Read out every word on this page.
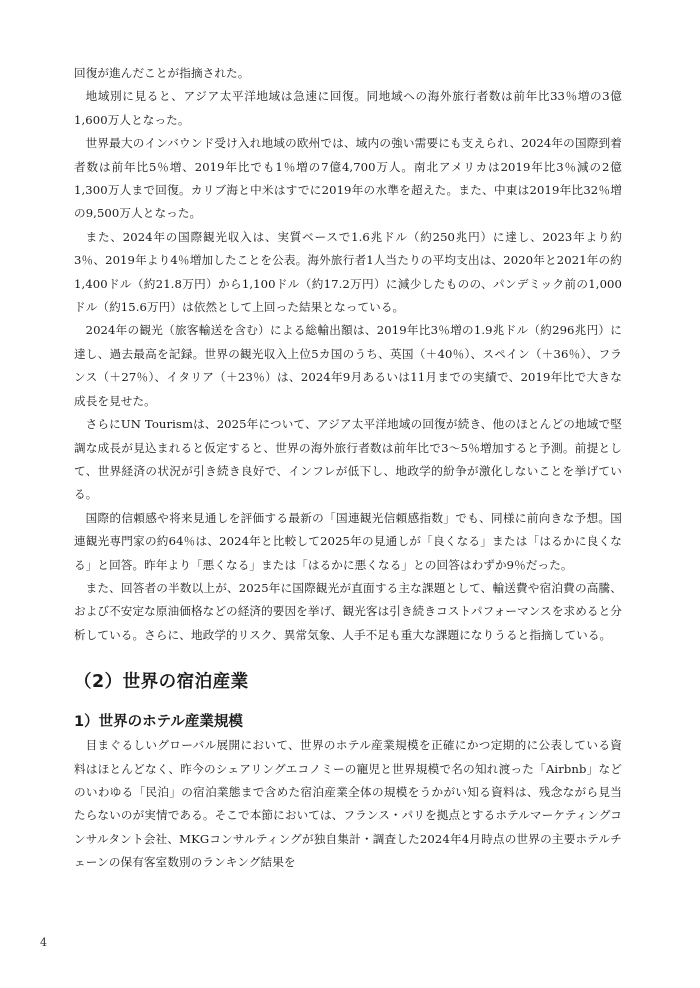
回復が進んだことが指摘された。

地域別に見ると、アジア太平洋地域は急速に回復。同地域への海外旅行者数は前年比33％増の3億1,600万人となった。

世界最大のインバウンド受け入れ地域の欧州では、域内の強い需要にも支えられ、2024年の国際到着者数は前年比5％増、2019年比でも1％増の7億4,700万人。南北アメリカは2019年比3％減の2億1,300万人まで回復。カリブ海と中米はすでに2019年の水準を超えた。また、中東は2019年比32％増の9,500万人となった。

また、2024年の国際観光収入は、実質ベースで1.6兆ドル（約250兆円）に達し、2023年より約3％、2019年より4％増加したことを公表。海外旅行者1人当たりの平均支出は、2020年と2021年の約1,400ドル（約21.8万円）から1,100ドル（約17.2万円）に減少したものの、パンデミック前の1,000ドル（約15.6万円）は依然として上回った結果となっている。

2024年の観光（旅客輸送を含む）による総輸出額は、2019年比3％増の1.9兆ドル（約296兆円）に達し、過去最高を記録。世界の観光収入上位5カ国のうち、英国（＋40％）、スペイン（＋36％）、フランス（＋27％）、イタリア（＋23％）は、2024年9月あるいは11月までの実績で、2019年比で大きな成長を見せた。

さらにUN Tourismは、2025年について、アジア太平洋地域の回復が続き、他のほとんどの地域で堅調な成長が見込まれると仮定すると、世界の海外旅行者数は前年比で3～5％増加すると予測。前提として、世界経済の状況が引き続き良好で、インフレが低下し、地政学的紛争が激化しないことを挙げている。

国際的信頼感や将来見通しを評価する最新の「国連観光信頼感指数」でも、同様に前向きな予想。国連観光専門家の約64％は、2024年と比較して2025年の見通しが「良くなる」または「はるかに良くなる」と回答。昨年より「悪くなる」または「はるかに悪くなる」との回答はわずか9％だった。

また、回答者の半数以上が、2025年に国際観光が直面する主な課題として、輸送費や宿泊費の高騰、および不安定な原油価格などの経済的要因を挙げ、観光客は引き続きコストパフォーマンスを求めると分析している。さらに、地政学的リスク、異常気象、人手不足も重大な課題になりうると指摘している。

（2）世界の宿泊産業
1）世界のホテル産業規模

目まぐるしいグローバル展開において、世界のホテル産業規模を正確にかつ定期的に公表している資料はほとんどなく、昨今のシェアリングエコノミーの寵児と世界規模で名の知れ渡った「Airbnb」などのいわゆる「民泊」の宿泊業態まで含めた宿泊産業全体の規模をうかがい知る資料は、残念ながら見当たらないのが実情である。そこで本節においては、フランス・パリを拠点とするホテルマーケティングコンサルタント会社、MKGコンサルティングが独自集計・調査した2024年4月時点の世界の主要ホテルチェーンの保有客室数別のランキング結果を

4
